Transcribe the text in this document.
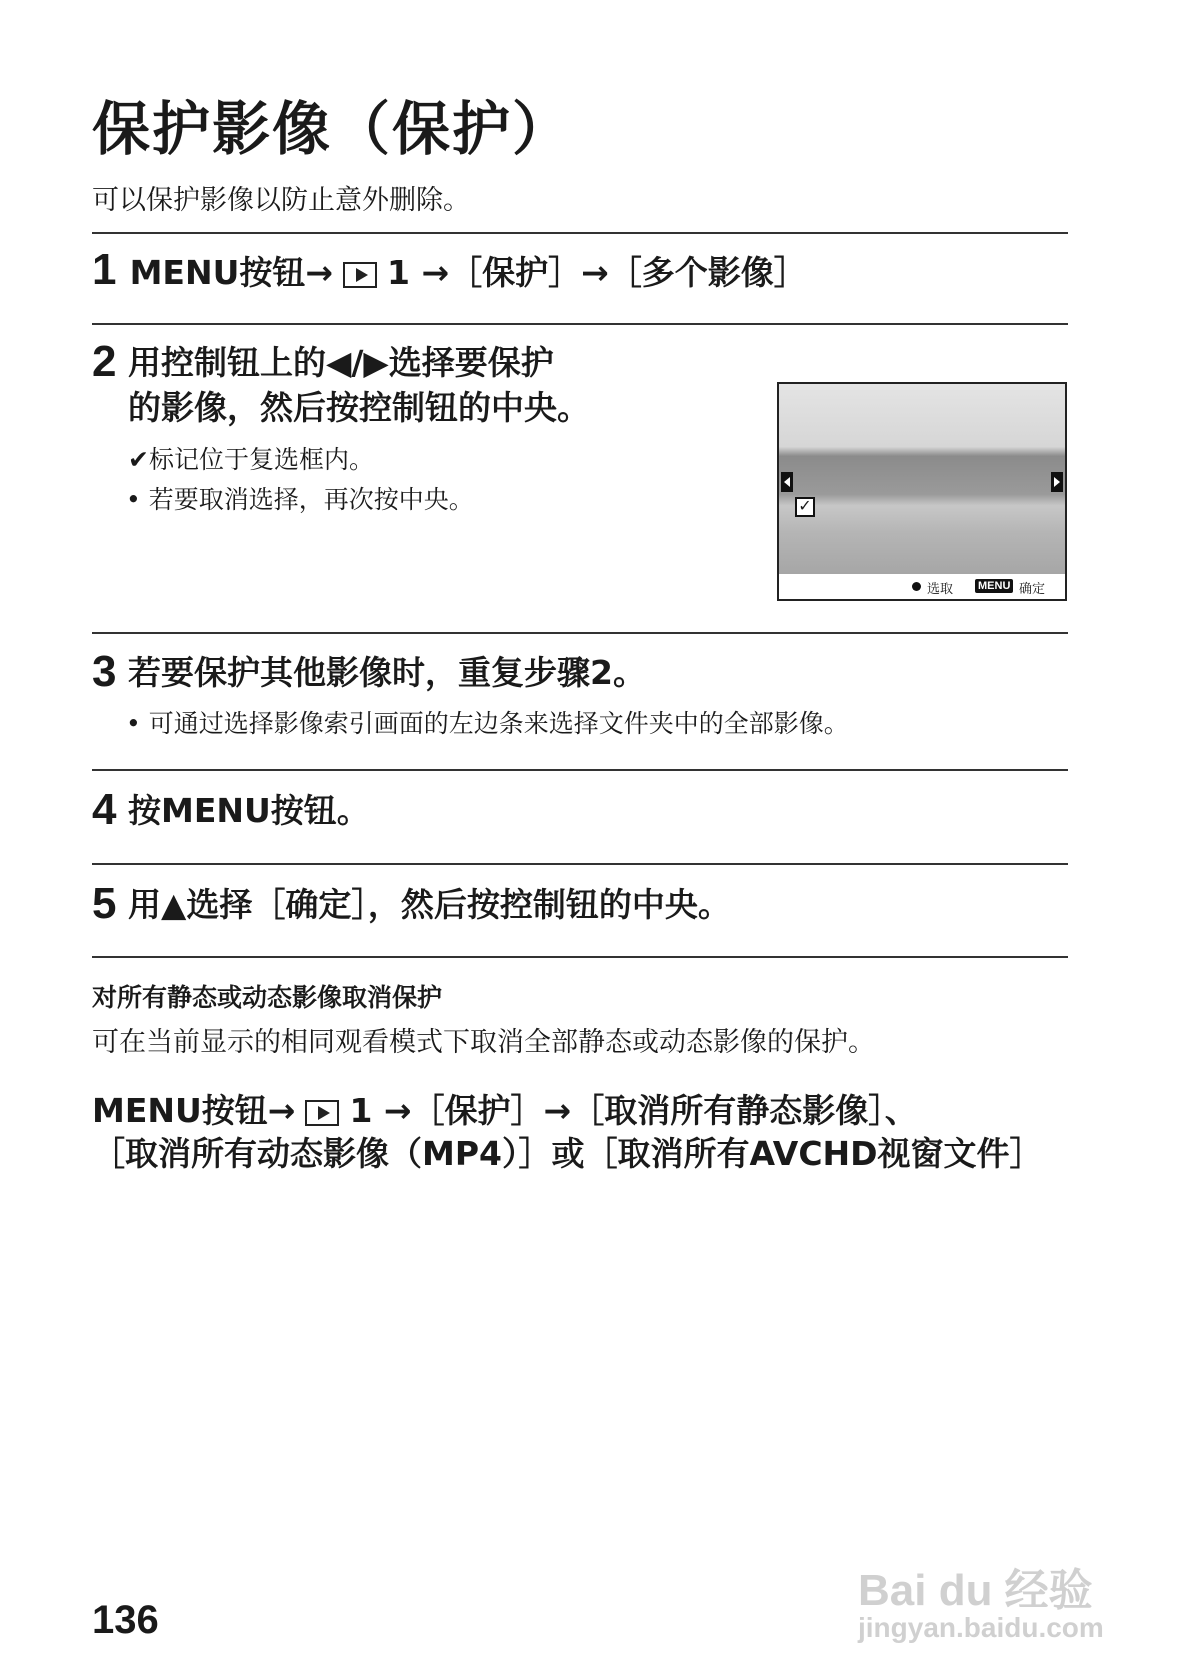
保护影像（保护）
可以保护影像以防止意外删除。
1 MENU按钮→ 1 →［保护］→［多个影像］
2 用控制钮上的◀/▶选择要保护
的影像，然后按控制钮的中央。
✔标记位于复选框内。
• 若要取消选择，再次按中央。	✓
选取 MENU 确定
3 若要保护其他影像时，重复步骤2。
• 可通过选择影像索引画面的左边条来选择文件夹中的全部影像。
4 按MENU按钮。
5 用▲选择［确定］，然后按控制钮的中央。
对所有静态或动态影像取消保护
可在当前显示的相同观看模式下取消全部静态或动态影像的保护。
MENU按钮→ 1 →［保护］→［取消所有静态影像］、
［取消所有动态影像（MP4）］或［取消所有AVCHD视窗文件］
136
Bai du 经验
jingyan.baidu.com
